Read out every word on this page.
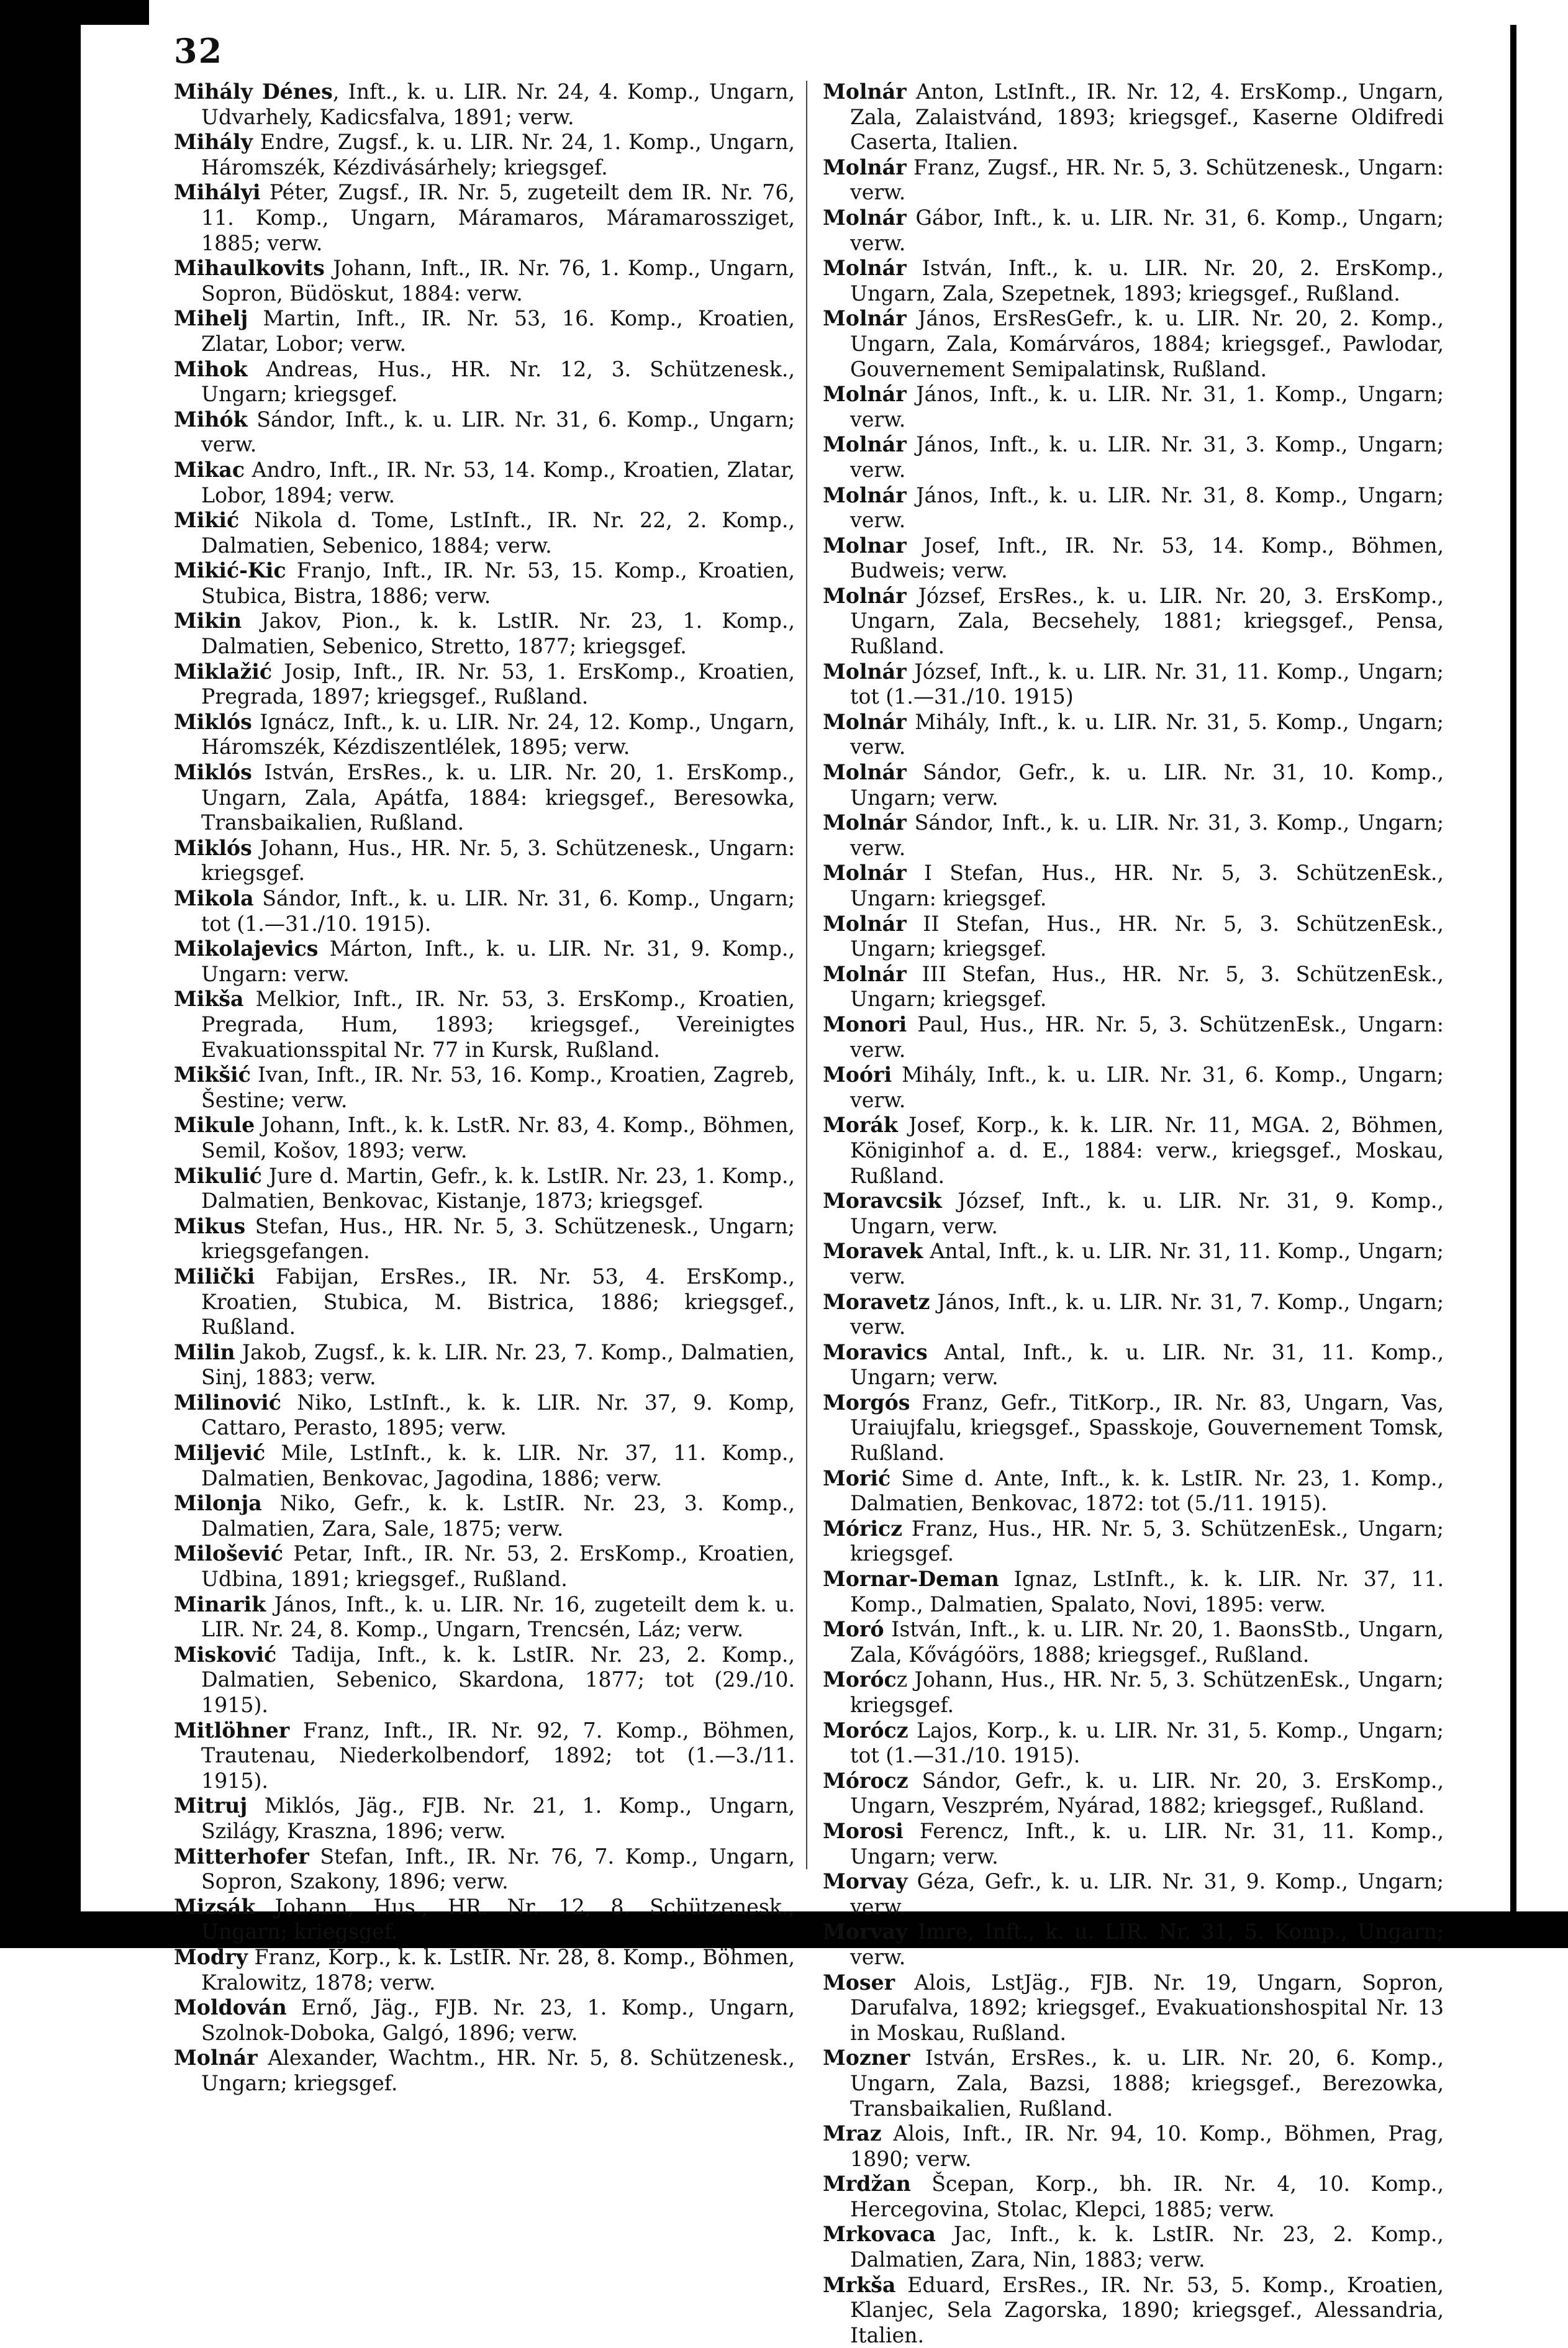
32

Mihály Dénes, Inft., k. u. LIR. Nr. 24, 4. Komp., Ungarn, Udvarhely, Kadicsfalva, 1891; verw.

Mihály Endre, Zugsf., k. u. LIR. Nr. 24, 1. Komp., Ungarn, Háromszék, Kézdivásárhely; kriegsgef.

Mihályi Péter, Zugsf., IR. Nr. 5, zugeteilt dem IR. Nr. 76, 11. Komp., Ungarn, Máramaros, Máramarossziget, 1885; verw.

Mihaulkovits Johann, Inft., IR. Nr. 76, 1. Komp., Ungarn, Sopron, Büdöskut, 1884: verw.

Mihelj Martin, Inft., IR. Nr. 53, 16. Komp., Kroatien, Zlatar, Lobor; verw.

Mihok Andreas, Hus., HR. Nr. 12, 3. Schützenesk., Ungarn; kriegsgef.

Mihók Sándor, Inft., k. u. LIR. Nr. 31, 6. Komp., Ungarn; verw.

Mikac Andro, Inft., IR. Nr. 53, 14. Komp., Kroatien, Zlatar, Lobor, 1894; verw.

Mikić Nikola d. Tome, LstInft., IR. Nr. 22, 2. Komp., Dalmatien, Sebenico, 1884; verw.

Mikić-Kic Franjo, Inft., IR. Nr. 53, 15. Komp., Kroatien, Stubica, Bistra, 1886; verw.

Mikin Jakov, Pion., k. k. LstIR. Nr. 23, 1. Komp., Dalmatien, Sebenico, Stretto, 1877; kriegsgef.

Miklažić Josip, Inft., IR. Nr. 53, 1. ErsKomp., Kroatien, Pregrada, 1897; kriegsgef., Rußland.

Miklós Ignácz, Inft., k. u. LIR. Nr. 24, 12. Komp., Ungarn, Háromszék, Kézdiszentlélek, 1895; verw.

Miklós István, ErsRes., k. u. LIR. Nr. 20, 1. ErsKomp., Ungarn, Zala, Apátfa, 1884: kriegsgef., Beresowka, Transbaikalien, Rußland.

Miklós Johann, Hus., HR. Nr. 5, 3. Schützenesk., Ungarn: kriegsgef.

Mikola Sándor, Inft., k. u. LIR. Nr. 31, 6. Komp., Ungarn; tot (1.—31./10. 1915).

Mikolajevics Márton, Inft., k. u. LIR. Nr. 31, 9. Komp., Ungarn: verw.

Mikša Melkior, Inft., IR. Nr. 53, 3. ErsKomp., Kroatien, Pregrada, Hum, 1893; kriegsgef., Vereinigtes Evakuationsspital Nr. 77 in Kursk, Rußland.

Mikšić Ivan, Inft., IR. Nr. 53, 16. Komp., Kroatien, Zagreb, Šestine; verw.

Mikule Johann, Inft., k. k. LstR. Nr. 83, 4. Komp., Böhmen, Semil, Košov, 1893; verw.

Mikulić Jure d. Martin, Gefr., k. k. LstIR. Nr. 23, 1. Komp., Dalmatien, Benkovac, Kistanje, 1873; kriegsgef.

Mikus Stefan, Hus., HR. Nr. 5, 3. Schützenesk., Ungarn; kriegsgefangen.

Milički Fabijan, ErsRes., IR. Nr. 53, 4. ErsKomp., Kroatien, Stubica, M. Bistrica, 1886; kriegsgef., Rußland.

Milin Jakob, Zugsf., k. k. LIR. Nr. 23, 7. Komp., Dalmatien, Sinj, 1883; verw.

Milinović Niko, LstInft., k. k. LIR. Nr. 37, 9. Komp, Cattaro, Perasto, 1895; verw.

Miljević Mile, LstInft., k. k. LIR. Nr. 37, 11. Komp., Dalmatien, Benkovac, Jagodina, 1886; verw.

Milonja Niko, Gefr., k. k. LstIR. Nr. 23, 3. Komp., Dalmatien, Zara, Sale, 1875; verw.

Milošević Petar, Inft., IR. Nr. 53, 2. ErsKomp., Kroatien, Udbina, 1891; kriegsgef., Rußland.

Minarik János, Inft., k. u. LIR. Nr. 16, zugeteilt dem k. u. LIR. Nr. 24, 8. Komp., Ungarn, Trencsén, Láz; verw.

Misković Tadija, Inft., k. k. LstIR. Nr. 23, 2. Komp., Dalmatien, Sebenico, Skardona, 1877; tot (29./10. 1915).

Mitlöhner Franz, Inft., IR. Nr. 92, 7. Komp., Böhmen, Trautenau, Niederkolbendorf, 1892; tot (1.—3./11. 1915).

Mitruj Miklós, Jäg., FJB. Nr. 21, 1. Komp., Ungarn, Szilágy, Kraszna, 1896; verw.

Mitterhofer Stefan, Inft., IR. Nr. 76, 7. Komp., Ungarn, Sopron, Szakony, 1896; verw.

Mizsák Johann, Hus., HR. Nr. 12, 8. Schützenesk., Ungarn; kriegsgef.

Modry Franz, Korp., k. k. LstIR. Nr. 28, 8. Komp., Böhmen, Kralowitz, 1878; verw.

Moldován Ernő, Jäg., FJB. Nr. 23, 1. Komp., Ungarn, Szolnok-Doboka, Galgó, 1896; verw.

Molnár Alexander, Wachtm., HR. Nr. 5, 8. Schützenesk., Ungarn; kriegsgef.

Molnár Anton, LstInft., IR. Nr. 12, 4. ErsKomp., Ungarn, Zala, Zalaistvánd, 1893; kriegsgef., Kaserne Oldifredi Caserta, Italien.

Molnár Franz, Zugsf., HR. Nr. 5, 3. Schützenesk., Ungarn: verw.

Molnár Gábor, Inft., k. u. LIR. Nr. 31, 6. Komp., Ungarn; verw.

Molnár István, Inft., k. u. LIR. Nr. 20, 2. ErsKomp., Ungarn, Zala, Szepetnek, 1893; kriegsgef., Rußland.

Molnár János, ErsResGefr., k. u. LIR. Nr. 20, 2. Komp., Ungarn, Zala, Komárváros, 1884; kriegsgef., Pawlodar, Gouvernement Semipalatinsk, Rußland.

Molnár János, Inft., k. u. LIR. Nr. 31, 1. Komp., Ungarn; verw.

Molnár János, Inft., k. u. LIR. Nr. 31, 3. Komp., Ungarn; verw.

Molnár János, Inft., k. u. LIR. Nr. 31, 8. Komp., Ungarn; verw.

Molnar Josef, Inft., IR. Nr. 53, 14. Komp., Böhmen, Budweis; verw.

Molnár József, ErsRes., k. u. LIR. Nr. 20, 3. ErsKomp., Ungarn, Zala, Becsehely, 1881; kriegsgef., Pensa, Rußland.

Molnár József, Inft., k. u. LIR. Nr. 31, 11. Komp., Ungarn; tot (1.—31./10. 1915)

Molnár Mihály, Inft., k. u. LIR. Nr. 31, 5. Komp., Ungarn; verw.

Molnár Sándor, Gefr., k. u. LIR. Nr. 31, 10. Komp., Ungarn; verw.

Molnár Sándor, Inft., k. u. LIR. Nr. 31, 3. Komp., Ungarn; verw.

Molnár I Stefan, Hus., HR. Nr. 5, 3. SchützenEsk., Ungarn: kriegsgef.

Molnár II Stefan, Hus., HR. Nr. 5, 3. SchützenEsk., Ungarn; kriegsgef.

Molnár III Stefan, Hus., HR. Nr. 5, 3. SchützenEsk., Ungarn; kriegsgef.

Monori Paul, Hus., HR. Nr. 5, 3. SchützenEsk., Ungarn: verw.

Moóri Mihály, Inft., k. u. LIR. Nr. 31, 6. Komp., Ungarn; verw.

Morák Josef, Korp., k. k. LIR. Nr. 11, MGA. 2, Böhmen, Königinhof a. d. E., 1884: verw., kriegsgef., Moskau, Rußland.

Moravcsik József, Inft., k. u. LIR. Nr. 31, 9. Komp., Ungarn, verw.

Moravek Antal, Inft., k. u. LIR. Nr. 31, 11. Komp., Ungarn; verw.

Moravetz János, Inft., k. u. LIR. Nr. 31, 7. Komp., Ungarn; verw.

Moravics Antal, Inft., k. u. LIR. Nr. 31, 11. Komp., Ungarn; verw.

Morgós Franz, Gefr., TitKorp., IR. Nr. 83, Ungarn, Vas, Uraiujfalu, kriegsgef., Spasskoje, Gouvernement Tomsk, Rußland.

Morić Sime d. Ante, Inft., k. k. LstIR. Nr. 23, 1. Komp., Dalmatien, Benkovac, 1872: tot (5./11. 1915).

Móricz Franz, Hus., HR. Nr. 5, 3. SchützenEsk., Ungarn; kriegsgef.

Mornar-Deman Ignaz, LstInft., k. k. LIR. Nr. 37, 11. Komp., Dalmatien, Spalato, Novi, 1895: verw.

Moró István, Inft., k. u. LIR. Nr. 20, 1. BaonsStb., Ungarn, Zala, Kővágóörs, 1888; kriegsgef., Rußland.

Morócz Johann, Hus., HR. Nr. 5, 3. SchützenEsk., Ungarn; kriegsgef.

Morócz Lajos, Korp., k. u. LIR. Nr. 31, 5. Komp., Ungarn; tot (1.—31./10. 1915).

Mórocz Sándor, Gefr., k. u. LIR. Nr. 20, 3. ErsKomp., Ungarn, Veszprém, Nyárad, 1882; kriegsgef., Rußland.

Morosi Ferencz, Inft., k. u. LIR. Nr. 31, 11. Komp., Ungarn; verw.

Morvay Géza, Gefr., k. u. LIR. Nr. 31, 9. Komp., Ungarn; verw.

Morvay Imre, Inft., k. u. LIR. Nr. 31, 5. Komp., Ungarn; verw.

Moser Alois, LstJäg., FJB. Nr. 19, Ungarn, Sopron, Darufalva, 1892; kriegsgef., Evakuationshospital Nr. 13 in Moskau, Rußland.

Mozner István, ErsRes., k. u. LIR. Nr. 20, 6. Komp., Ungarn, Zala, Bazsi, 1888; kriegsgef., Berezowka, Transbaikalien, Rußland.

Mraz Alois, Inft., IR. Nr. 94, 10. Komp., Böhmen, Prag, 1890; verw.

Mrdžan Šcepan, Korp., bh. IR. Nr. 4, 10. Komp., Hercegovina, Stolac, Klepci, 1885; verw.

Mrkovaca Jac, Inft., k. k. LstIR. Nr. 23, 2. Komp., Dalmatien, Zara, Nin, 1883; verw.

Mrkša Eduard, ErsRes., IR. Nr. 53, 5. Komp., Kroatien, Klanjec, Sela Zagorska, 1890; kriegsgef., Alessandria, Italien.
